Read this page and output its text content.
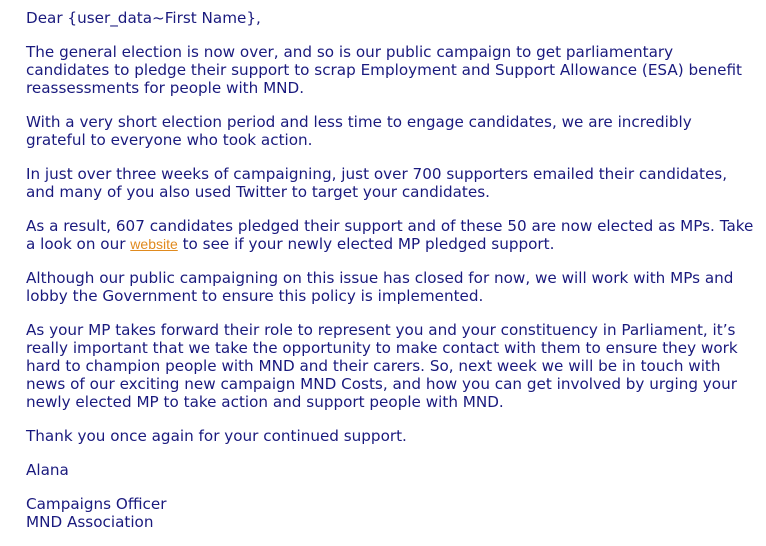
Dear {user_data~First Name},

The general election is now over, and so is our public campaign to get parliamentary candidates to pledge their support to scrap Employment and Support Allowance (ESA) benefit reassessments for people with MND.

With a very short election period and less time to engage candidates, we are incredibly grateful to everyone who took action.

In just over three weeks of campaigning, just over 700 supporters emailed their candidates, and many of you also used Twitter to target your candidates.

As a result, 607 candidates pledged their support and of these 50 are now elected as MPs. Take a look on our website to see if your newly elected MP pledged support.

Although our public campaigning on this issue has closed for now, we will work with MPs and lobby the Government to ensure this policy is implemented.

As your MP takes forward their role to represent you and your constituency in Parliament, it’s really important that we take the opportunity to make contact with them to ensure they work hard to champion people with MND and their carers. So, next week we will be in touch with news of our exciting new campaign MND Costs, and how you can get involved by urging your newly elected MP to take action and support people with MND.

Thank you once again for your continued support.

Alana

Campaigns Officer

MND Association
